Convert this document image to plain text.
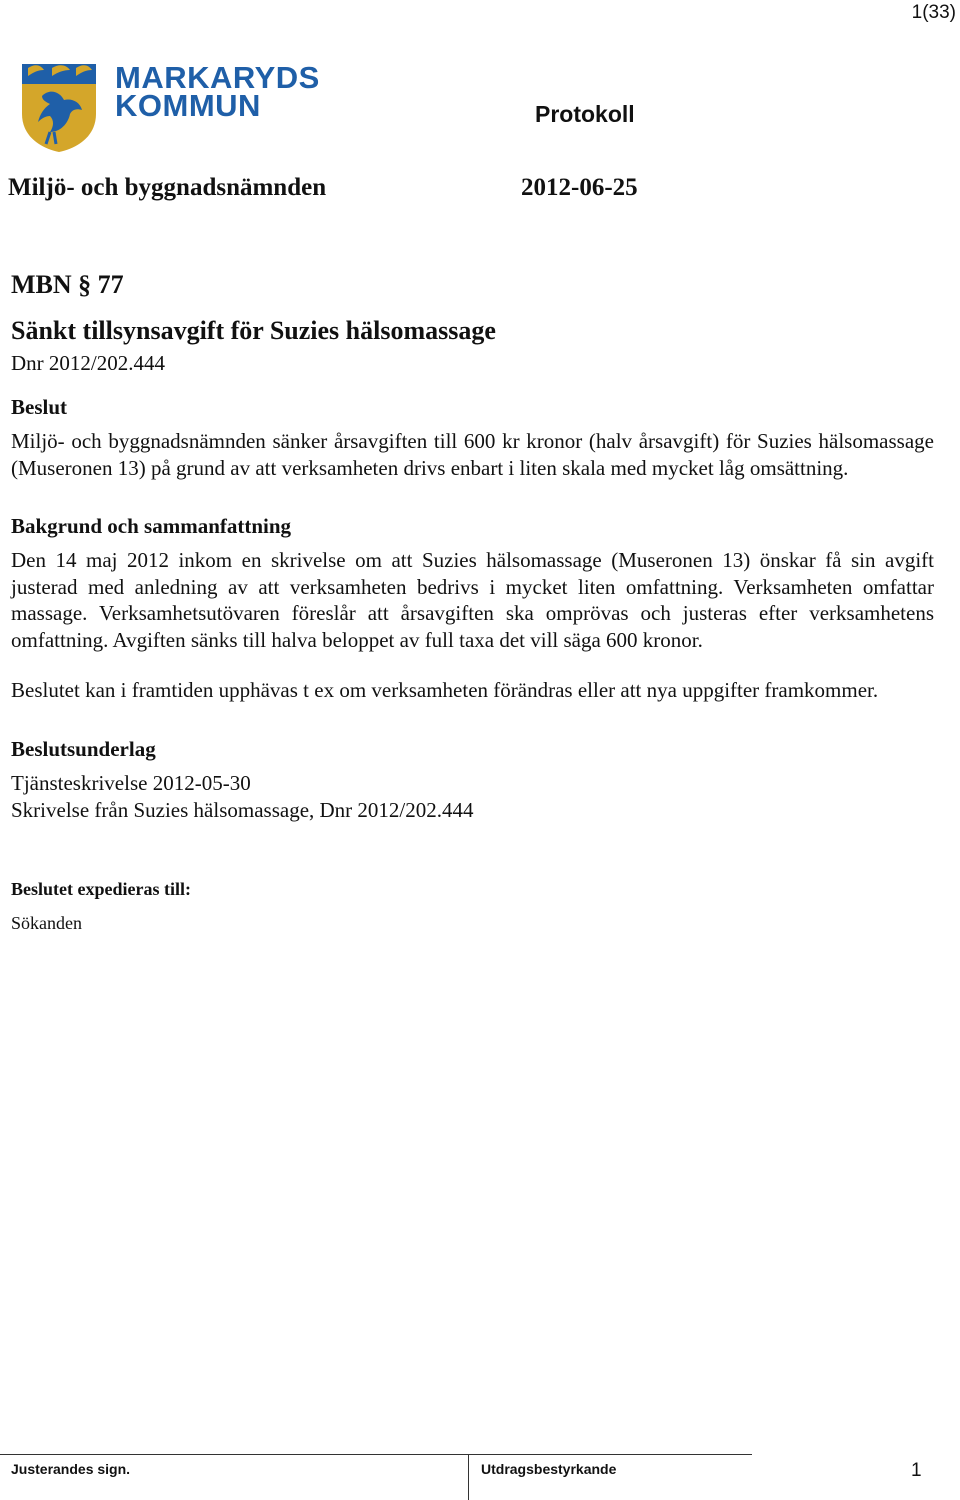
1(33)
MARKARYDS
KOMMUN	Protokoll
Miljö- och byggnadsnämnden	2012-06-25
MBN § 77
Sänkt tillsynsavgift för Suzies hälsomassage
Dnr 2012/202.444
Beslut

Miljö- och byggnadsnämnden sänker årsavgiften till 600 kr kronor (halv årsavgift) för Suzies hälsomassage (Museronen 13) på grund av att verksamheten drivs enbart i liten skala med mycket låg omsättning.

Bakgrund och sammanfattning

Den 14 maj 2012 inkom en skrivelse om att Suzies hälsomassage (Museronen 13) önskar få sin avgift justerad med anledning av att verksamheten bedrivs i mycket liten omfattning. Verksamheten omfattar massage. Verksamhetsutövaren föreslår att årsavgiften ska omprövas och justeras efter verksamhetens omfattning. Avgiften sänks till halva beloppet av full taxa det vill säga 600 kronor.

Beslutet kan i framtiden upphävas t ex om verksamheten förändras eller att nya uppgifter framkommer.

Beslutsunderlag
Tjänsteskrivelse 2012-05-30
Skrivelse från Suzies hälsomassage, Dnr 2012/202.444
Beslutet expedieras till:
Sökanden
Justerandes sign.	Utdragsbestyrkande	1
